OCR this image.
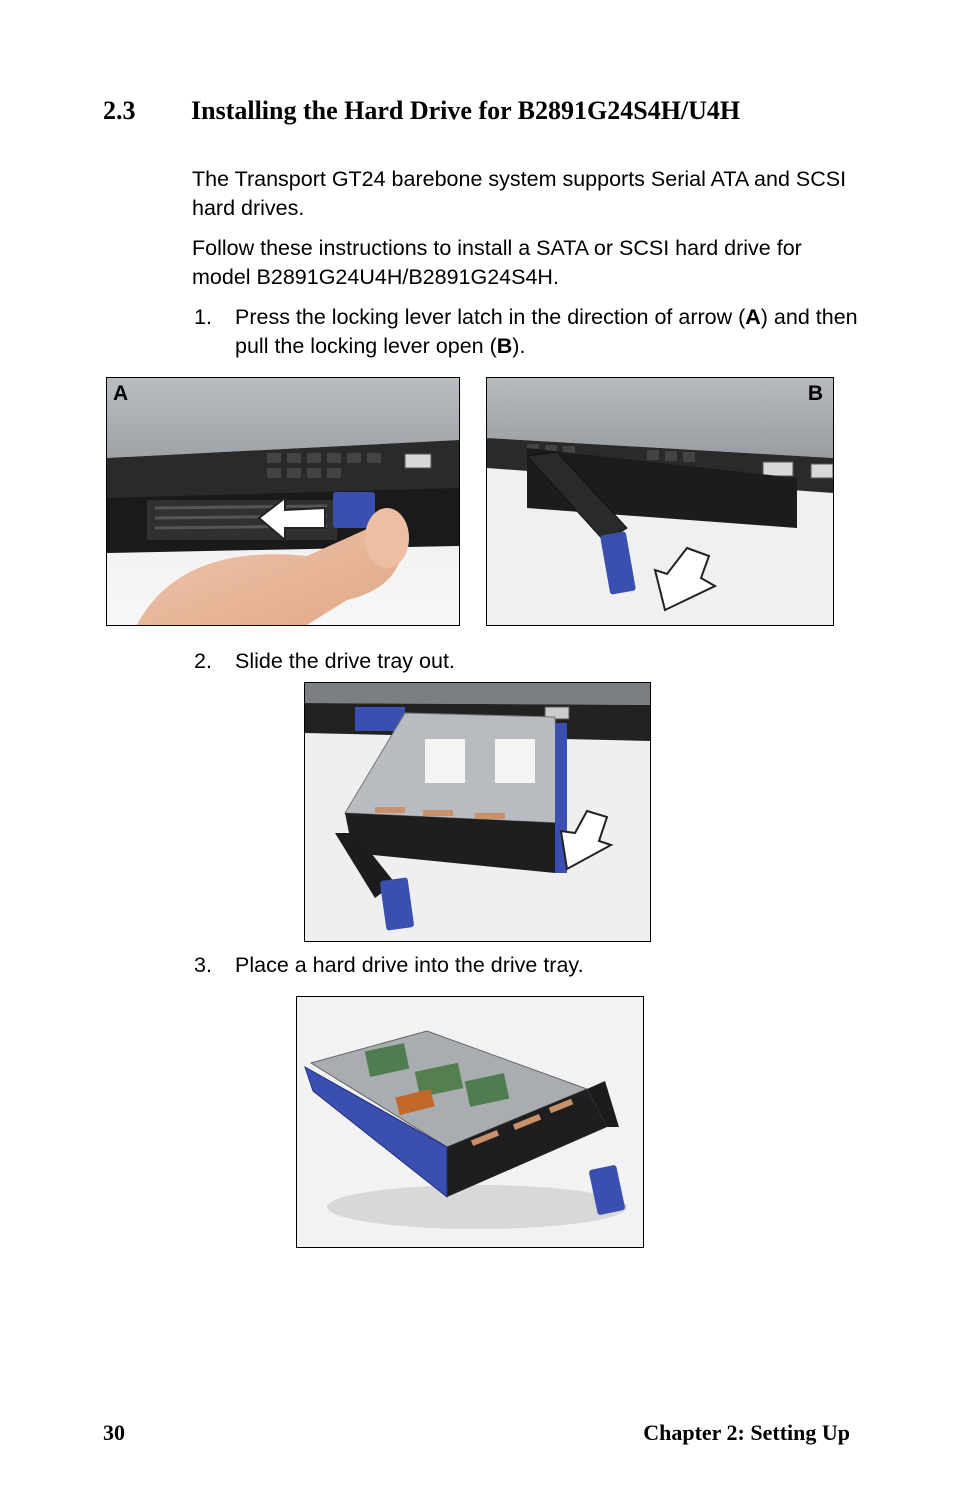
2.3 Installing the Hard Drive for B2891G24S4H/U4H
The Transport GT24 barebone system supports Serial ATA and SCSI hard drives.
Follow these instructions to install a SATA or SCSI hard drive for model B2891G24U4H/B2891G24S4H.
1. Press the locking lever latch in the direction of arrow (A) and then pull the locking lever open (B).
A	B
2. Slide the drive tray out.
3. Place a hard drive into the drive tray.
30	Chapter 2: Setting Up
